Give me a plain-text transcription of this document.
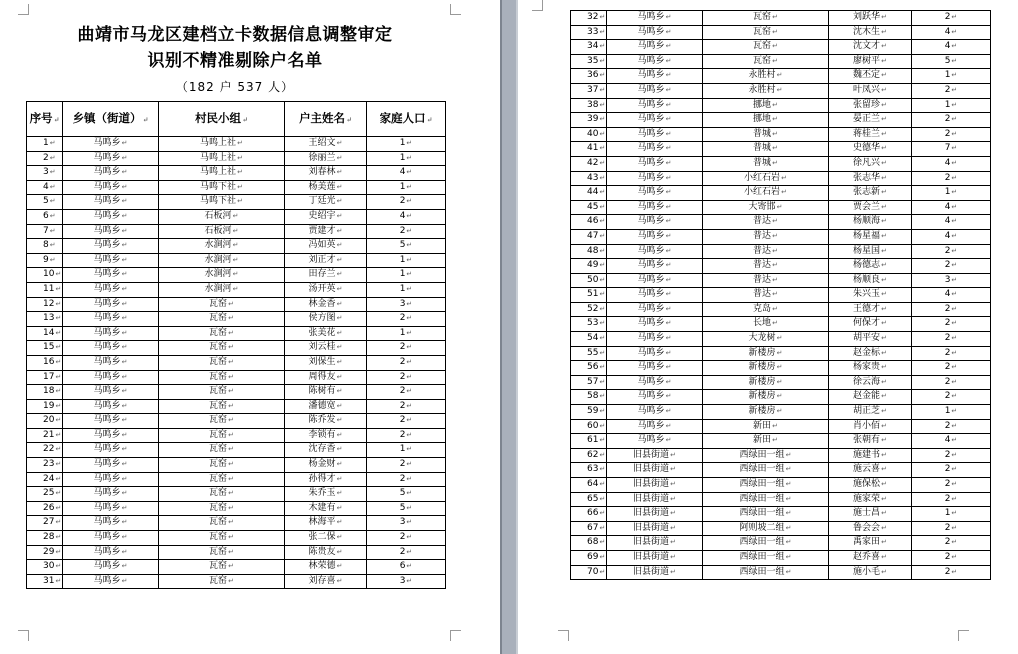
曲靖市马龙区建档立卡数据信息调整审定
识别不精准剔除户名单
（182 户 537 人）
序号 ↵	乡镇（街道） ↵	村民小组 ↵	户主姓名 ↵	家庭人口 ↵
1 ↵	马鸣乡 ↵	马鸣上社 ↵	王绍文 ↵	1 ↵
2 ↵	马鸣乡 ↵	马鸣上社 ↵	徐丽兰 ↵	1 ↵
3 ↵	马鸣乡 ↵	马鸣上社 ↵	刘春林 ↵	4 ↵
4 ↵	马鸣乡 ↵	马鸣下社 ↵	杨美莲 ↵	1 ↵
5 ↵	马鸣乡 ↵	马鸣下社 ↵	丁廷光 ↵	2 ↵
6 ↵	马鸣乡 ↵	石板河 ↵	史绍宇 ↵	4 ↵
7 ↵	马鸣乡 ↵	石板河 ↵	贾建才 ↵	2 ↵
8 ↵	马鸣乡 ↵	水涧河 ↵	冯如英 ↵	5 ↵
9 ↵	马鸣乡 ↵	水涧河 ↵	刘正才 ↵	1 ↵
10 ↵	马鸣乡 ↵	水涧河 ↵	田存兰 ↵	1 ↵
11 ↵	马鸣乡 ↵	水涧河 ↵	汤开英 ↵	1 ↵
12 ↵	马鸣乡 ↵	瓦窑 ↵	林金香 ↵	3 ↵
13 ↵	马鸣乡 ↵	瓦窑 ↵	侯方图 ↵	2 ↵
14 ↵	马鸣乡 ↵	瓦窑 ↵	张美花 ↵	1 ↵
15 ↵	马鸣乡 ↵	瓦窑 ↵	刘云桂 ↵	2 ↵
16 ↵	马鸣乡 ↵	瓦窑 ↵	刘保生 ↵	2 ↵
17 ↵	马鸣乡 ↵	瓦窑 ↵	周得友 ↵	2 ↵
18 ↵	马鸣乡 ↵	瓦窑 ↵	陈树有 ↵	2 ↵
19 ↵	马鸣乡 ↵	瓦窑 ↵	潘德宽 ↵	2 ↵
20 ↵	马鸣乡 ↵	瓦窑 ↵	陈乔发 ↵	2 ↵
21 ↵	马鸣乡 ↵	瓦窑 ↵	李锁有 ↵	2 ↵
22 ↵	马鸣乡 ↵	瓦窑 ↵	沈存香 ↵	1 ↵
23 ↵	马鸣乡 ↵	瓦窑 ↵	杨金财 ↵	2 ↵
24 ↵	马鸣乡 ↵	瓦窑 ↵	孙得才 ↵	2 ↵
25 ↵	马鸣乡 ↵	瓦窑 ↵	朱乔玉 ↵	5 ↵
26 ↵	马鸣乡 ↵	瓦窑 ↵	木建有 ↵	5 ↵
27 ↵	马鸣乡 ↵	瓦窑 ↵	林海平 ↵	3 ↵
28 ↵	马鸣乡 ↵	瓦窑 ↵	张二保 ↵	2 ↵
29 ↵	马鸣乡 ↵	瓦窑 ↵	陈贵友 ↵	2 ↵
30 ↵	马鸣乡 ↵	瓦窑 ↵	林荣德 ↵	6 ↵
31 ↵	马鸣乡 ↵	瓦窑 ↵	刘存喜 ↵	3 ↵
32 ↵	马鸣乡 ↵	瓦窑 ↵	刘跃华 ↵	2 ↵
33 ↵	马鸣乡 ↵	瓦窑 ↵	沈木生 ↵	4 ↵
34 ↵	马鸣乡 ↵	瓦窑 ↵	沈文才 ↵	4 ↵
35 ↵	马鸣乡 ↵	瓦窑 ↵	廖树平 ↵	5 ↵
36 ↵	马鸣乡 ↵	永胜村 ↵	魏丕定 ↵	1 ↵
37 ↵	马鸣乡 ↵	永胜村 ↵	叶凤兴 ↵	2 ↵
38 ↵	马鸣乡 ↵	挪地 ↵	张留珍 ↵	1 ↵
39 ↵	马鸣乡 ↵	挪地 ↵	晏正兰 ↵	2 ↵
40 ↵	马鸣乡 ↵	普城 ↵	蒋桂兰 ↵	2 ↵
41 ↵	马鸣乡 ↵	普城 ↵	史德华 ↵	7 ↵
42 ↵	马鸣乡 ↵	普城 ↵	徐凡兴 ↵	4 ↵
43 ↵	马鸣乡 ↵	小红石岩 ↵	张志华 ↵	2 ↵
44 ↵	马鸣乡 ↵	小红石岩 ↵	张志新 ↵	1 ↵
45 ↵	马鸣乡 ↵	大寄邯 ↵	贾会兰 ↵	4 ↵
46 ↵	马鸣乡 ↵	普达 ↵	杨顺海 ↵	4 ↵
47 ↵	马鸣乡 ↵	普达 ↵	杨星福 ↵	4 ↵
48 ↵	马鸣乡 ↵	普达 ↵	杨星国 ↵	2 ↵
49 ↵	马鸣乡 ↵	普达 ↵	杨德志 ↵	2 ↵
50 ↵	马鸣乡 ↵	普达 ↵	杨顺良 ↵	3 ↵
51 ↵	马鸣乡 ↵	普达 ↵	朱兴玉 ↵	4 ↵
52 ↵	马鸣乡 ↵	克岛 ↵	王德才 ↵	2 ↵
53 ↵	马鸣乡 ↵	长地 ↵	何保才 ↵	2 ↵
54 ↵	马鸣乡 ↵	大龙树 ↵	胡平安 ↵	2 ↵
55 ↵	马鸣乡 ↵	新楼房 ↵	赵金标 ↵	2 ↵
56 ↵	马鸣乡 ↵	新楼房 ↵	杨家贵 ↵	2 ↵
57 ↵	马鸣乡 ↵	新楼房 ↵	徐云海 ↵	2 ↵
58 ↵	马鸣乡 ↵	新楼房 ↵	赵金能 ↵	2 ↵
59 ↵	马鸣乡 ↵	新楼房 ↵	胡正芝 ↵	1 ↵
60 ↵	马鸣乡 ↵	新田 ↵	肖小佰 ↵	2 ↵
61 ↵	马鸣乡 ↵	新田 ↵	张朝有 ↵	4 ↵
62 ↵	旧县街道 ↵	西绿田一组 ↵	施建书 ↵	2 ↵
63 ↵	旧县街道 ↵	西绿田一组 ↵	施云喜 ↵	2 ↵
64 ↵	旧县街道 ↵	西绿田一组 ↵	施保松 ↵	2 ↵
65 ↵	旧县街道 ↵	西绿田一组 ↵	施家荣 ↵	2 ↵
66 ↵	旧县街道 ↵	西绿田一组 ↵	施士昌 ↵	1 ↵
67 ↵	旧县街道 ↵	阿则坡二组 ↵	鲁会会 ↵	2 ↵
68 ↵	旧县街道 ↵	西绿田一组 ↵	禹家田 ↵	2 ↵
69 ↵	旧县街道 ↵	西绿田一组 ↵	赵乔喜 ↵	2 ↵
70 ↵	旧县街道 ↵	西绿田一组 ↵	施小毛 ↵	2 ↵
